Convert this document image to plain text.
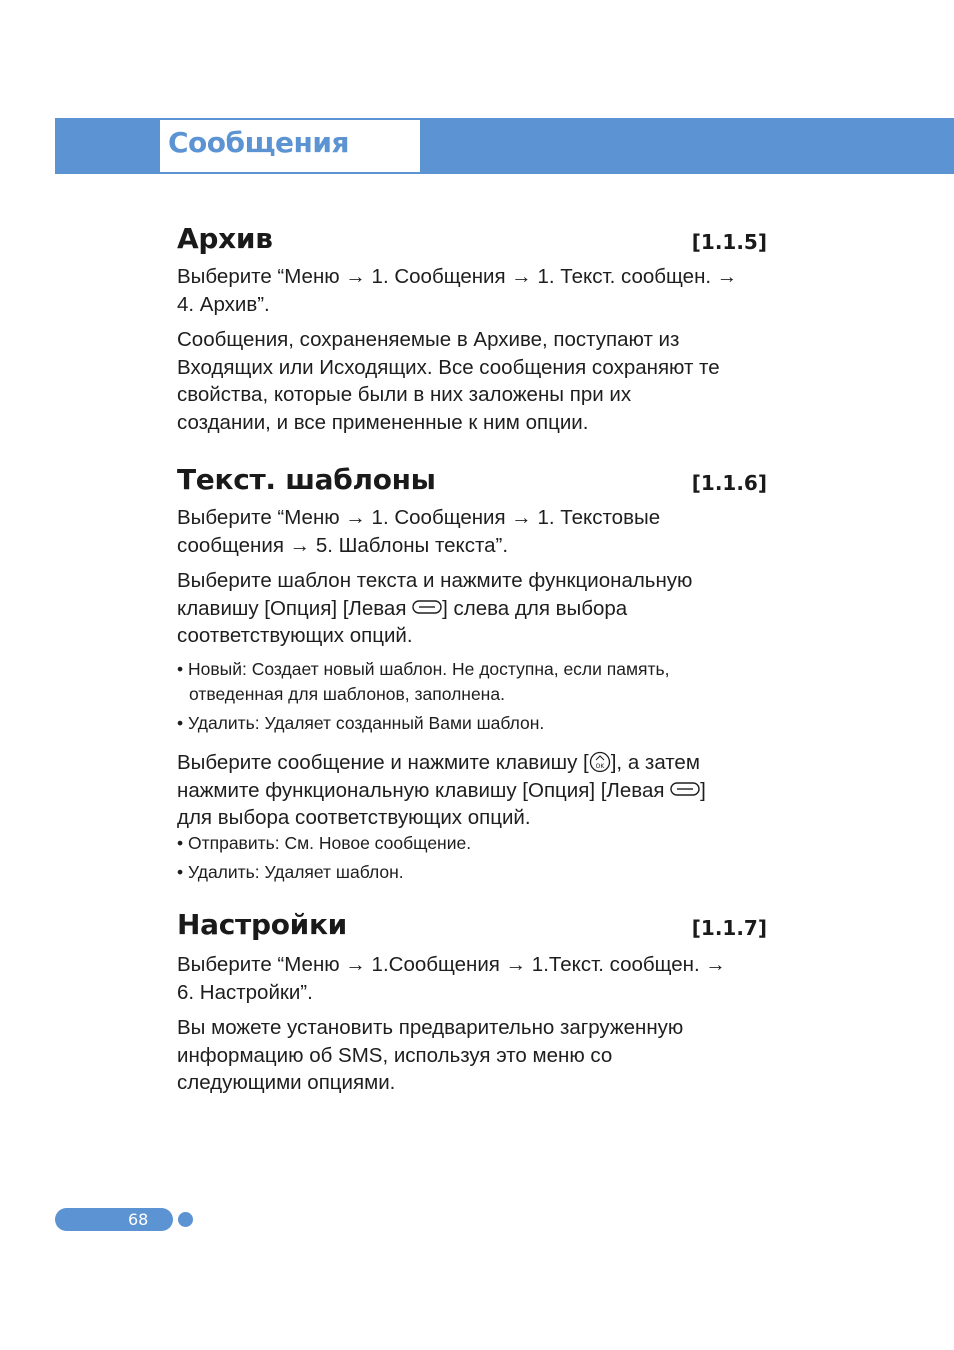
Сообщения
Архив	[1.1.5]
Выберите “Меню → 1. Сообщения → 1. Текст. сообщен. →
4. Архив”.
Сообщения, сохраненяемые в Архиве, поступают из
Входящих или Исходящих. Все сообщения сохраняют те
свойства, которые были в них заложены при их
создании, и все примененные к ним опции.
Текст. шаблоны	[1.1.6]
Выберите “Меню → 1. Сообщения → 1. Текстовые
сообщения → 5. Шаблоны текста”.
Выберите шаблон текста и нажмите функциональную
клавишу [Опция] [Левая ] слева для выбора
соответствующих опций.
• Новый: Создает новый шаблон. Не доступна, если память,
отведенная для шаблонов, заполнена.
• Удалить: Удаляет созданный Вами шаблон.
Выберите сообщение и нажмите клавишу [ OK ], а затем
нажмите функциональную клавишу [Опция] [Левая ]
для выбора соответствующих опций.
• Отправить: См. Новое сообщение.
• Удалить: Удаляет шаблон.
Настройки	[1.1.7]
Выберите “Меню → 1.Сообщения → 1.Текст. сообщен. →
6. Настройки”.
Вы можете установить предварительно загруженную
информацию об SMS, используя это меню со
следующими опциями.
68
